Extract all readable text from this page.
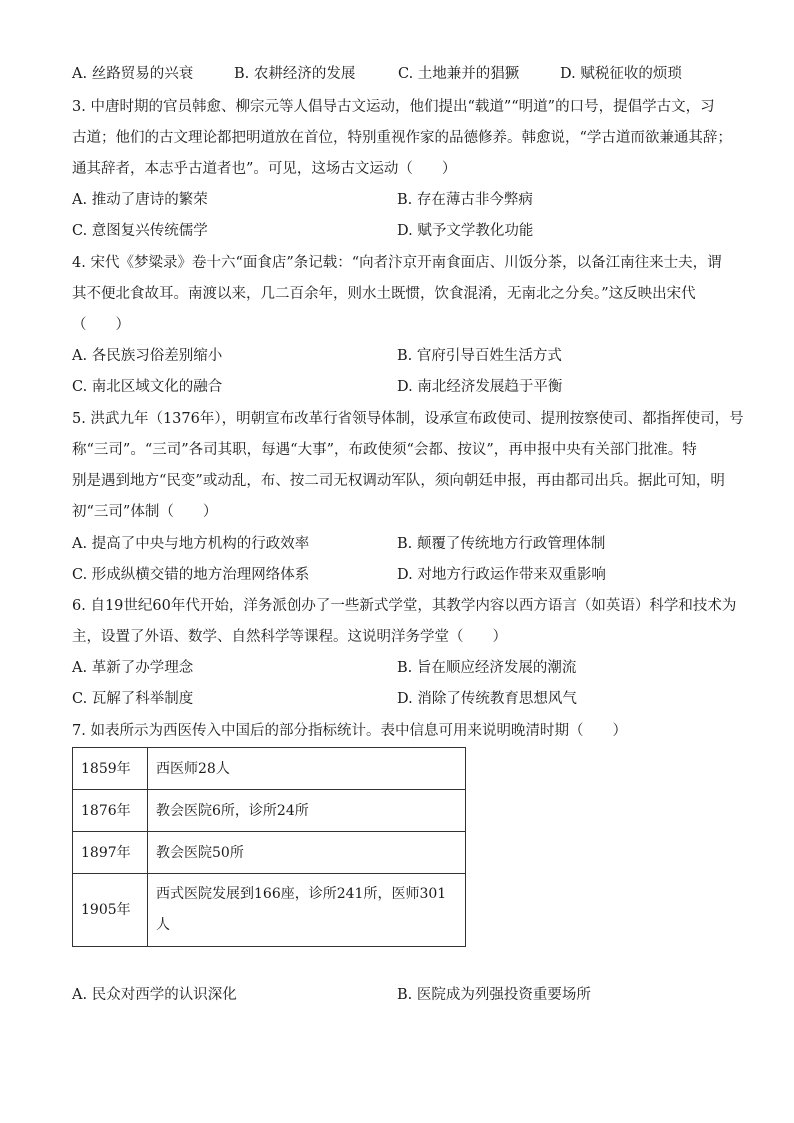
A. 丝路贸易的兴衰	B. 农耕经济的发展	C. 土地兼并的猖獗	D. 赋税征收的烦琐
3. 中唐时期的官员韩愈、柳宗元等人倡导古文运动，他们提出“载道”“明道”的口号，提倡学古文，习
古道；他们的古文理论都把明道放在首位，特别重视作家的品德修养。韩愈说，“学古道而欲兼通其辞；
通其辞者，本志乎古道者也”。可见，这场古文运动（　　）
A. 推动了唐诗的繁荣	B. 存在薄古非今弊病
C. 意图复兴传统儒学	D. 赋予文学教化功能
4. 宋代《梦粱录》卷十六“面食店”条记载：“向者汴京开南食面店、川饭分茶，以备江南往来士夫，谓
其不便北食故耳。南渡以来，几二百余年，则水土既惯，饮食混淆，无南北之分矣。”这反映出宋代
（　　）
A. 各民族习俗差别缩小	B. 官府引导百姓生活方式
C. 南北区域文化的融合	D. 南北经济发展趋于平衡
5. 洪武九年（1376年），明朝宣布改革行省领导体制，设承宣布政使司、提刑按察使司、都指挥使司，号
称“三司”。“三司”各司其职，每遇“大事”，布政使须“会都、按议”，再申报中央有关部门批准。特
别是遇到地方“民变”或动乱，布、按二司无权调动军队，须向朝廷申报，再由都司出兵。据此可知，明
初“三司”体制（　　）
A. 提高了中央与地方机构的行政效率	B. 颠覆了传统地方行政管理体制
C. 形成纵横交错的地方治理网络体系	D. 对地方行政运作带来双重影响
6. 自19世纪60年代开始，洋务派创办了一些新式学堂，其教学内容以西方语言（如英语）科学和技术为
主，设置了外语、数学、自然科学等课程。这说明洋务学堂（　　）
A. 革新了办学理念	B. 旨在顺应经济发展的潮流
C. 瓦解了科举制度	D. 消除了传统教育思想风气
7. 如表所示为西医传入中国后的部分指标统计。表中信息可用来说明晚清时期（　　）
1859年	西医师28人
1876年	教会医院6所，诊所24所
1897年	教会医院50所
1905年	西式医院发展到166座，诊所241所，医师301
人
A. 民众对西学的认识深化	B. 医院成为列强投资重要场所
